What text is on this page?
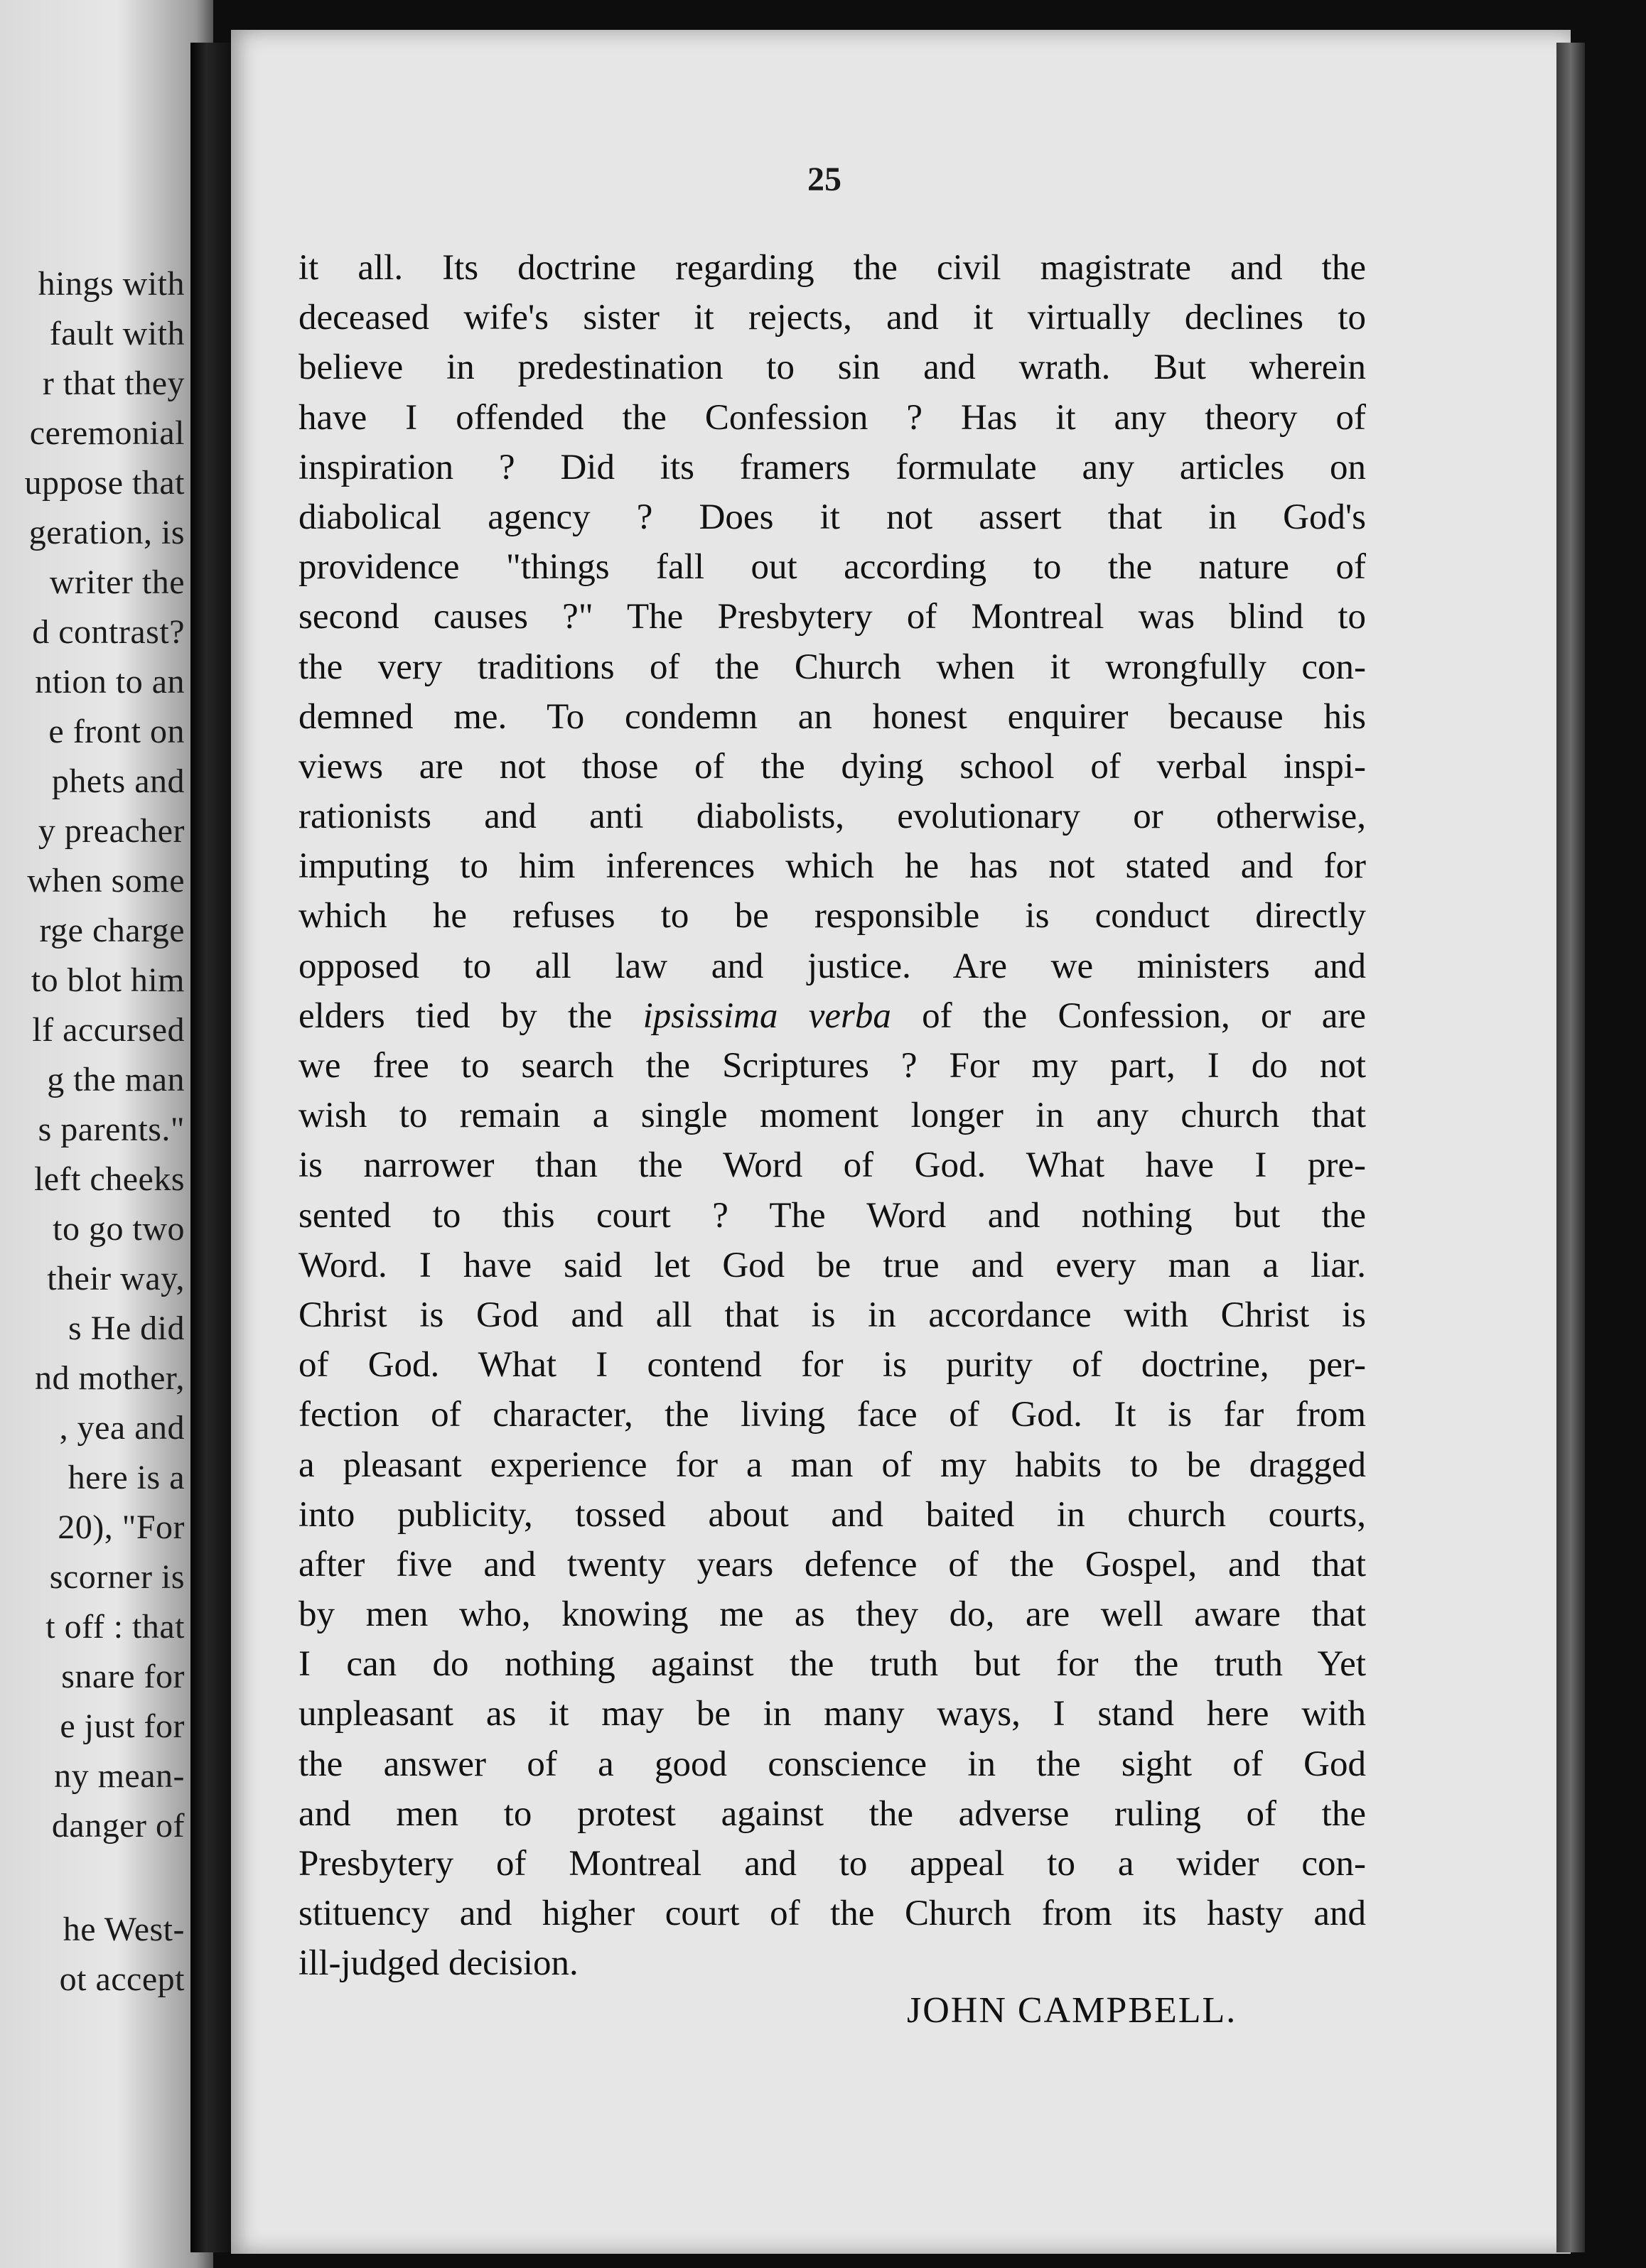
hings with
fault with
r that they
ceremonial
uppose that
geration, is
writer the
d contrast?
ntion to an
e front on
phets and
y preacher
when some
rge charge
to blot him
lf accursed
g the man
s parents."
left cheeks
to go two
their way,
s He did
nd mother,
, yea and
here is a
20), "For
scorner is
t off : that
snare for
e just for
ny mean-
danger of
he West-
ot accept
25
it all. Its doctrine regarding the civil magistrate and the
deceased wife's sister it rejects, and it virtually declines to
believe in predestination to sin and wrath. But wherein
have I offended the Confession ? Has it any theory of
inspiration ? Did its framers formulate any articles on
diabolical agency ? Does it not assert that in God's
providence "things fall out according to the nature of
second causes ?" The Presbytery of Montreal was blind to
the very traditions of the Church when it wrongfully con-
demned me. To condemn an honest enquirer because his
views are not those of the dying school of verbal inspi-
rationists and anti diabolists, evolutionary or otherwise,
imputing to him inferences which he has not stated and for
which he refuses to be responsible is conduct directly
opposed to all law and justice. Are we ministers and
elders tied by the ipsissima verba of the Confession, or are
we free to search the Scriptures ? For my part, I do not
wish to remain a single moment longer in any church that
is narrower than the Word of God. What have I pre-
sented to this court ? The Word and nothing but the
Word. I have said let God be true and every man a liar.
Christ is God and all that is in accordance with Christ is
of God. What I contend for is purity of doctrine, per-
fection of character, the living face of God. It is far from
a pleasant experience for a man of my habits to be dragged
into publicity, tossed about and baited in church courts,
after five and twenty years defence of the Gospel, and that
by men who, knowing me as they do, are well aware that
I can do nothing against the truth but for the truth Yet
unpleasant as it may be in many ways, I stand here with
the answer of a good conscience in the sight of God
and men to protest against the adverse ruling of the
Presbytery of Montreal and to appeal to a wider con-
stituency and higher court of the Church from its hasty and
ill-judged decision.
JOHN CAMPBELL.
